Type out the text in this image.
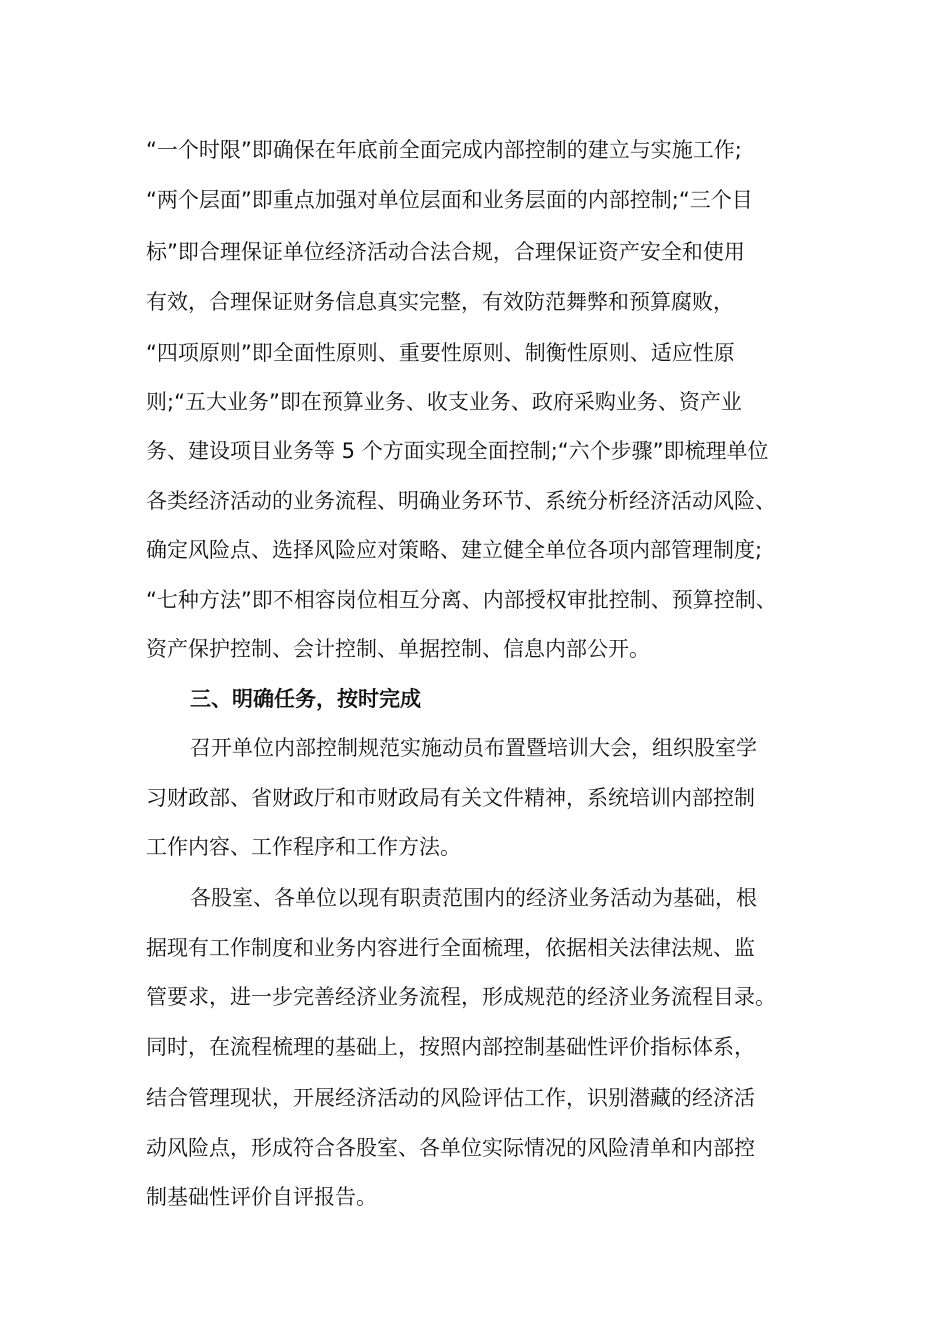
“一个时限”即确保在年底前全面完成内部控制的建立与实施工作;
“两个层面”即重点加强对单位层面和业务层面的内部控制;“三个目
标”即合理保证单位经济活动合法合规，合理保证资产安全和使用
有效，合理保证财务信息真实完整，有效防范舞弊和预算腐败，
“四项原则”即全面性原则、重要性原则、制衡性原则、适应性原
则;“五大业务”即在预算业务、收支业务、政府采购业务、资产业
务、建设项目业务等 5 个方面实现全面控制;“六个步骤”即梳理单位
各类经济活动的业务流程、明确业务环节、系统分析经济活动风险、
确定风险点、选择风险应对策略、建立健全单位各项内部管理制度;
“七种方法”即不相容岗位相互分离、内部授权审批控制、预算控制、
资产保护控制、会计控制、单据控制、信息内部公开。
三、明确任务，按时完成
召开单位内部控制规范实施动员布置暨培训大会，组织股室学
习财政部、省财政厅和市财政局有关文件精神，系统培训内部控制
工作内容、工作程序和工作方法。
各股室、各单位以现有职责范围内的经济业务活动为基础，根
据现有工作制度和业务内容进行全面梳理，依据相关法律法规、监
管要求，进一步完善经济业务流程，形成规范的经济业务流程目录。
同时，在流程梳理的基础上，按照内部控制基础性评价指标体系，
结合管理现状，开展经济活动的风险评估工作，识别潜藏的经济活
动风险点，形成符合各股室、各单位实际情况的风险清单和内部控
制基础性评价自评报告。
